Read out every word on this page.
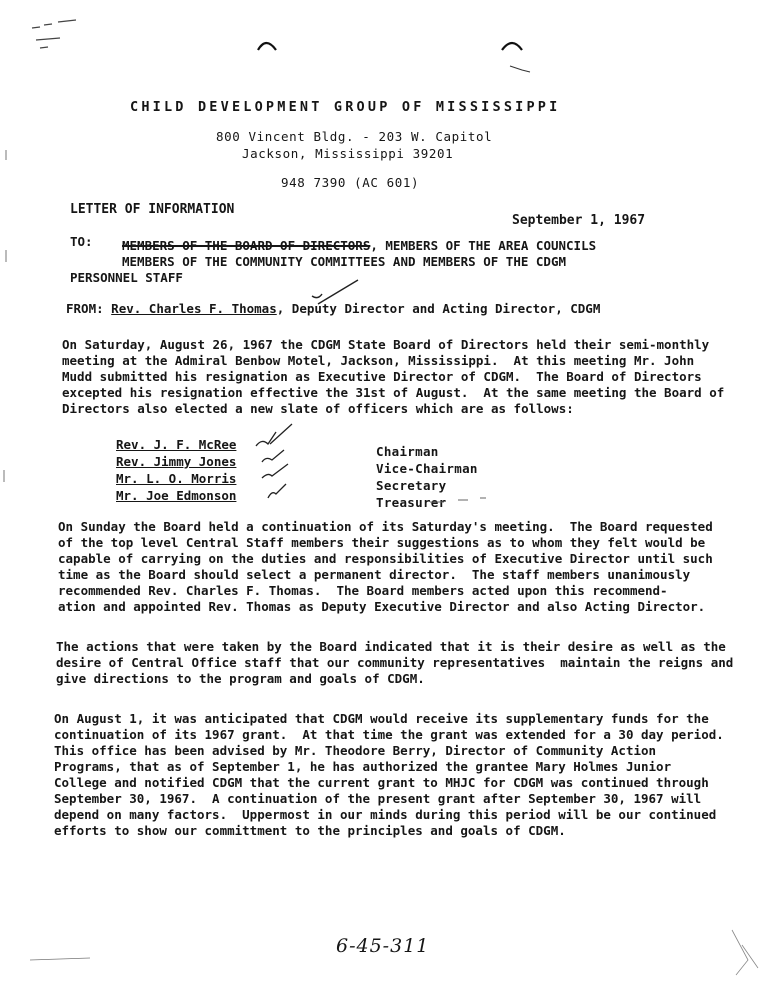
CHILD DEVELOPMENT GROUP OF MISSISSIPPI
800 Vincent Bldg. - 203 W. Capitol
Jackson, Mississippi 39201
948 7390 (AC 601)
LETTER OF INFORMATION
September 1, 1967
TO: MEMBERS OF THE BOARD OF DIRECTORS, MEMBERS OF THE AREA COUNCILS
MEMBERS OF THE COMMUNITY COMMITTEES AND MEMBERS OF THE CDGM
PERSONNEL STAFF
FROM: Rev. Charles F. Thomas, Deputy Director and Acting Director, CDGM
On Saturday, August 26, 1967 the CDGM State Board of Directors held their semi-monthly
meeting at the Admiral Benbow Motel, Jackson, Mississippi.  At this meeting Mr. John
Mudd submitted his resignation as Executive Director of CDGM.  The Board of Directors
excepted his resignation effective the 31st of August.  At the same meeting the Board of
Directors also elected a new slate of officers which are as follows:
Rev. J. F. McRee
Rev. Jimmy Jones
Mr. L. O. Morris
Mr. Joe Edmonson
Chairman
Vice-Chairman
Secretary
Treasurer
On Sunday the Board held a continuation of its Saturday's meeting.  The Board requested
of the top level Central Staff members their suggestions as to whom they felt would be
capable of carrying on the duties and responsibilities of Executive Director until such
time as the Board should select a permanent director.  The staff members unanimously
recommended Rev. Charles F. Thomas.  The Board members acted upon this recommend-
ation and appointed Rev. Thomas as Deputy Executive Director and also Acting Director.
The actions that were taken by the Board indicated that it is their desire as well as the
desire of Central Office staff that our community representatives  maintain the reigns and
give directions to the program and goals of CDGM.
On August 1, it was anticipated that CDGM would receive its supplementary funds for the
continuation of its 1967 grant.  At that time the grant was extended for a 30 day period.
This office has been advised by Mr. Theodore Berry, Director of Community Action
Programs, that as of September 1, he has authorized the grantee Mary Holmes Junior
College and notified CDGM that the current grant to MHJC for CDGM was continued through
September 30, 1967.  A continuation of the present grant after September 30, 1967 will
depend on many factors.  Uppermost in our minds during this period will be our continued
efforts to show our committment to the principles and goals of CDGM.
6-45-311
